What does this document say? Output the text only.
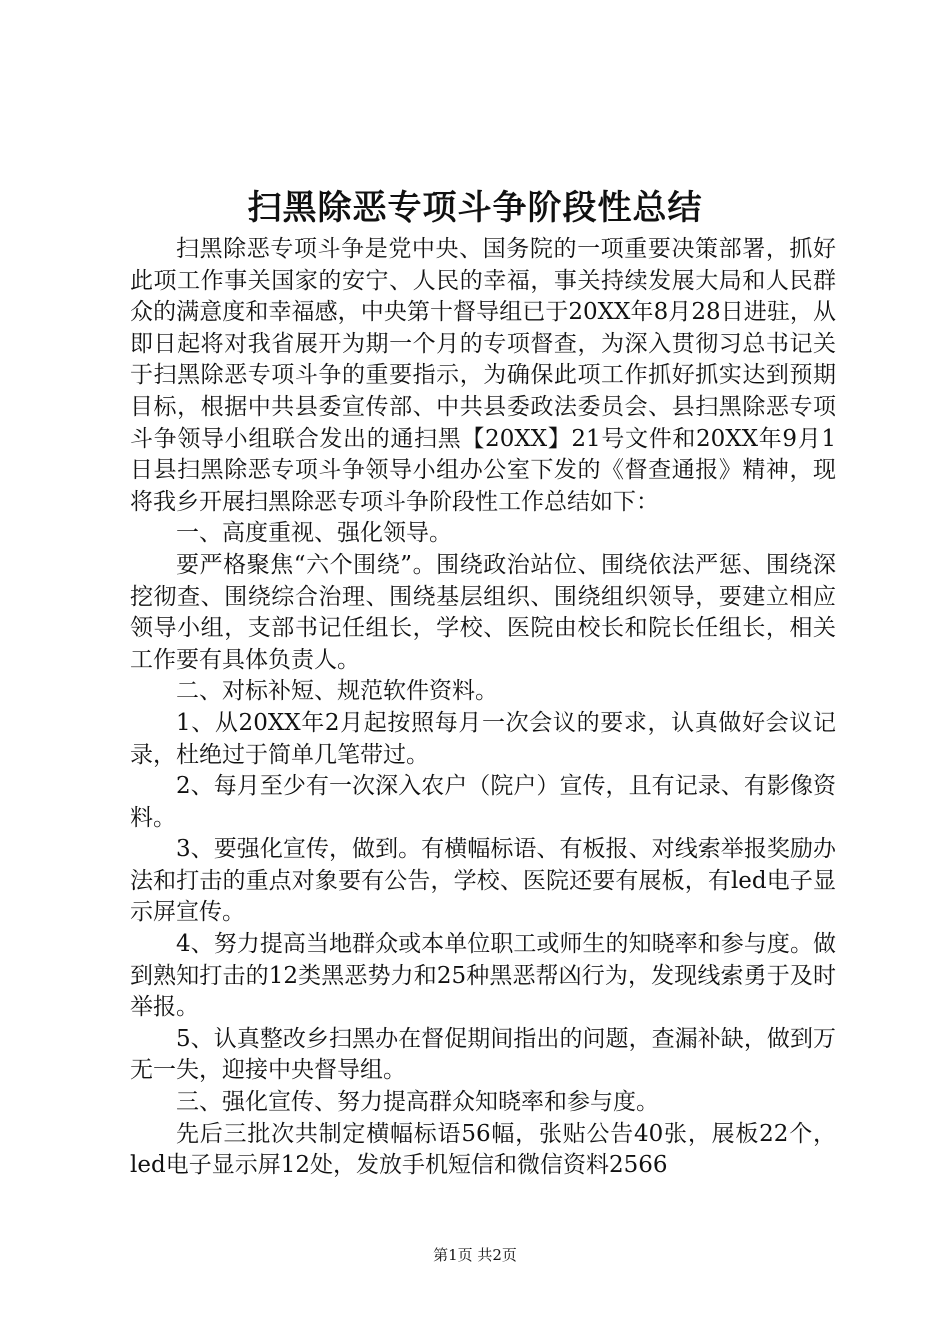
扫黑除恶专项斗争阶段性总结

扫黑除恶专项斗争是党中央、国务院的一项重要决策部署，抓好此项工作事关国家的安宁、人民的幸福，事关持续发展大局和人民群众的满意度和幸福感，中央第十督导组已于20XX年8月28日进驻，从即日起将对我省展开为期一个月的专项督查，为深入贯彻习总书记关于扫黑除恶专项斗争的重要指示，为确保此项工作抓好抓实达到预期目标，根据中共县委宣传部、中共县委政法委员会、县扫黑除恶专项斗争领导小组联合发出的通扫黑【20XX】21号文件和20XX年9月1日县扫黑除恶专项斗争领导小组办公室下发的《督查通报》精神，现将我乡开展扫黑除恶专项斗争阶段性工作总结如下：

一、高度重视、强化领导。

要严格聚焦“六个围绕”。围绕政治站位、围绕依法严惩、围绕深挖彻查、围绕综合治理、围绕基层组织、围绕组织领导，要建立相应领导小组，支部书记任组长，学校、医院由校长和院长任组长，相关工作要有具体负责人。

二、对标补短、规范软件资料。

1、从20XX年2月起按照每月一次会议的要求，认真做好会议记录，杜绝过于简单几笔带过。

2、每月至少有一次深入农户（院户）宣传，且有记录、有影像资料。

3、要强化宣传，做到。有横幅标语、有板报、对线索举报奖励办法和打击的重点对象要有公告，学校、医院还要有展板，有led电子显示屏宣传。

4、努力提高当地群众或本单位职工或师生的知晓率和参与度。做到熟知打击的12类黑恶势力和25种黑恶帮凶行为，发现线索勇于及时举报。

5、认真整改乡扫黑办在督促期间指出的问题，查漏补缺，做到万无一失，迎接中央督导组。

三、强化宣传、努力提高群众知晓率和参与度。

先后三批次共制定横幅标语56幅，张贴公告40张，展板22个，led电子显示屏12处，发放手机短信和微信资料2566

第1页 共2页
